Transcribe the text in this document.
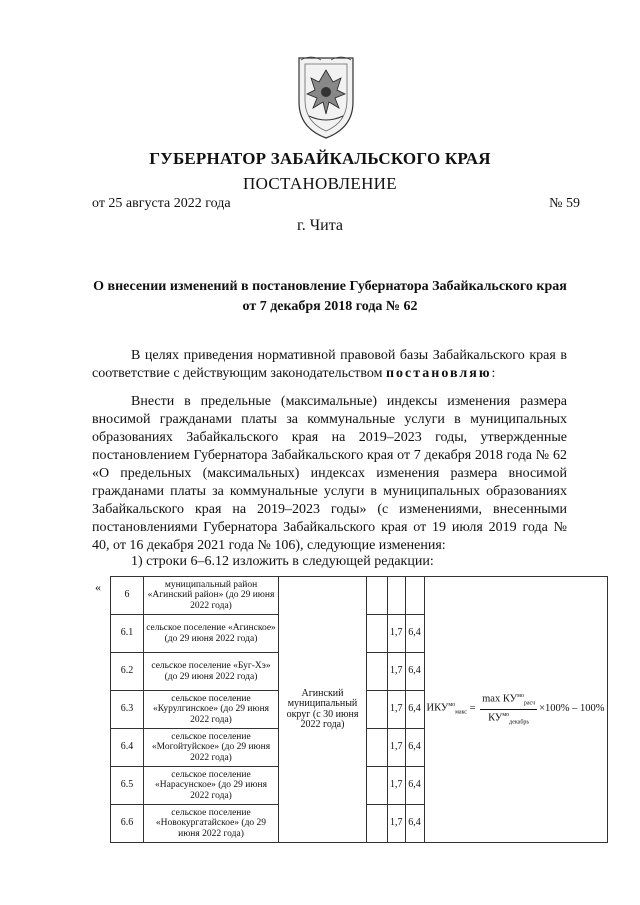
ГУБЕРНАТОР ЗАБАЙКАЛЬСКОГО КРАЯ
ПОСТАНОВЛЕНИЕ
от 25 августа 2022 года	№ 59
г. Чита
О внесении изменений в постановление Губернатора Забайкальского края от 7 декабря 2018 года № 62
В целях приведения нормативной правовой базы Забайкальского края в соответствие с действующим законодательством постановляю:
Внести в предельные (максимальные) индексы изменения размера вносимой гражданами платы за коммунальные услуги в муниципальных образованиях Забайкальского края на 2019–2023 годы, утвержденные постановлением Губернатора Забайкальского края от 7 декабря 2018 года № 62 «О предельных (максимальных) индексах изменения размера вносимой гражданами платы за коммунальные услуги в муниципальных образованиях Забайкальского края на 2019–2023 годы» (с изменениями, внесенными постановлениями Губернатора Забайкальского края от 19 июля 2019 года № 40, от 16 декабря 2021 года № 106), следующие изменения:
1) строки 6–6.12 изложить в следующей редакции:
«
6	муниципальный район «Агинский район» (до 29 июня 2022 года)	Агинский муниципальный округ (с 30 июня 2022 года)				$ИКУ^{мо}_{макс} = \frac{\max КУ^{мо}_{расч}}{КУ^{мо}_{декабрь}} \times 100\% - 100\%$

6.1	сельское поселение «Агинское» (до 29 июня 2022 года)			1,7	6,4	
6.2	сельское поселение «Буг-Хэ» (до 29 июня 2022 года)			1,7	6,4	
6.3	сельское поселение «Курулгинское» (до 29 июня 2022 года)			1,7	6,4	
6.4	сельское поселение «Могойтуйское» (до 29 июня 2022 года)			1,7	6,4	
6.5	сельское поселение «Нарасунское» (до 29 июня 2022 года)			1,7	6,4	
6.6	сельское поселение «Новокургатайское» (до 29 июня 2022 года)			1,7	6,4	
